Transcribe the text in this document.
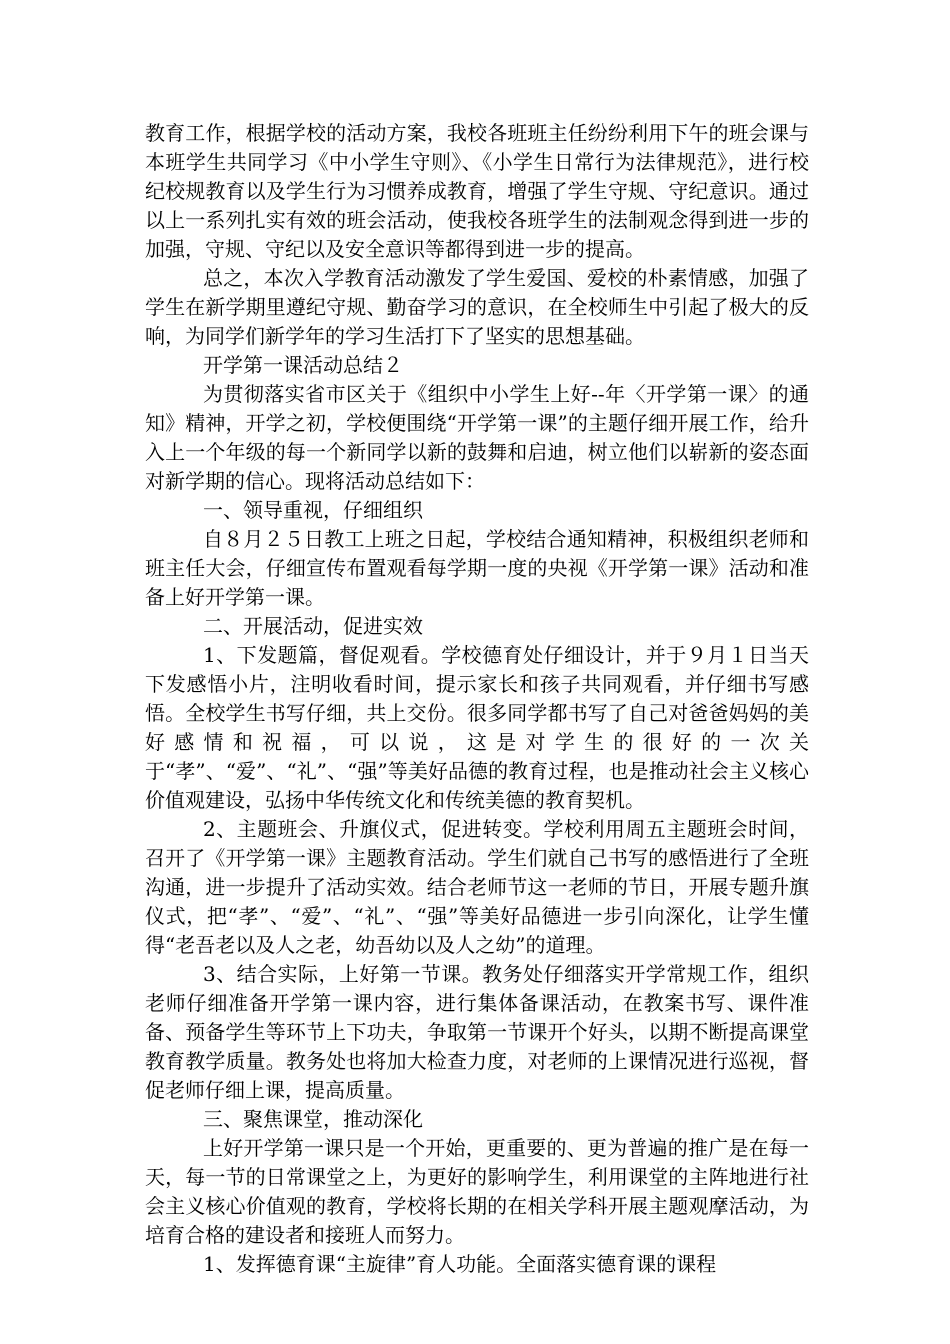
教育工作，根据学校的活动方案，我校各班班主任纷纷利用下午的班会课与本班学生共同学习《中小学生守则》、《小学生日常行为法律规范》，进行校纪校规教育以及学生行为习惯养成教育，增强了学生守规、守纪意识。通过以上一系列扎实有效的班会活动，使我校各班学生的法制观念得到进一步的加强，守规、守纪以及安全意识等都得到进一步的提高。

总之，本次入学教育活动激发了学生爱国、爱校的朴素情感，加强了学生在新学期里遵纪守规、勤奋学习的意识，在全校师生中引起了极大的反响，为同学们新学年的学习生活打下了坚实的思想基础。

开学第一课活动总结２

为贯彻落实省市区关于《组织中小学生上好--年〈开学第一课〉的通知》精神，开学之初，学校便围绕“开学第一课”的主题仔细开展工作，给升入上一个年级的每一个新同学以新的鼓舞和启迪，树立他们以崭新的姿态面对新学期的信心。现将活动总结如下：

一、领导重视，仔细组织

自８月２５日教工上班之日起，学校结合通知精神，积极组织老师和班主任大会，仔细宣传布置观看每学期一度的央视《开学第一课》活动和准备上好开学第一课。

二、开展活动，促进实效

1、下发题篇，督促观看。学校德育处仔细设计，并于９月１日当天下发感悟小片，注明收看时间，提示家长和孩子共同观看，并仔细书写感悟。全校学生书写仔细，共上交份。很多同学都书写了自己对爸爸妈妈的美好感情和祝福，可以说，这是对学生的很好的一次关于“孝”、“爱”、“礼”、“强”等美好品德的教育过程，也是推动社会主义核心价值观建设，弘扬中华传统文化和传统美德的教育契机。

2、主题班会、升旗仪式，促进转变。学校利用周五主题班会时间，召开了《开学第一课》主题教育活动。学生们就自己书写的感悟进行了全班沟通，进一步提升了活动实效。结合老师节这一老师的节日，开展专题升旗仪式，把“孝”、“爱”、“礼”、“强”等美好品德进一步引向深化，让学生懂得“老吾老以及人之老，幼吾幼以及人之幼”的道理。

3、结合实际，上好第一节课。教务处仔细落实开学常规工作，组织老师仔细准备开学第一课内容，进行集体备课活动，在教案书写、课件准备、预备学生等环节上下功夫，争取第一节课开个好头，以期不断提高课堂教育教学质量。教务处也将加大检查力度，对老师的上课情况进行巡视，督促老师仔细上课，提高质量。

三、聚焦课堂，推动深化

上好开学第一课只是一个开始，更重要的、更为普遍的推广是在每一天，每一节的日常课堂之上，为更好的影响学生，利用课堂的主阵地进行社会主义核心价值观的教育，学校将长期的在相关学科开展主题观摩活动，为培育合格的建设者和接班人而努力。

1、发挥德育课“主旋律”育人功能。全面落实德育课的课程
